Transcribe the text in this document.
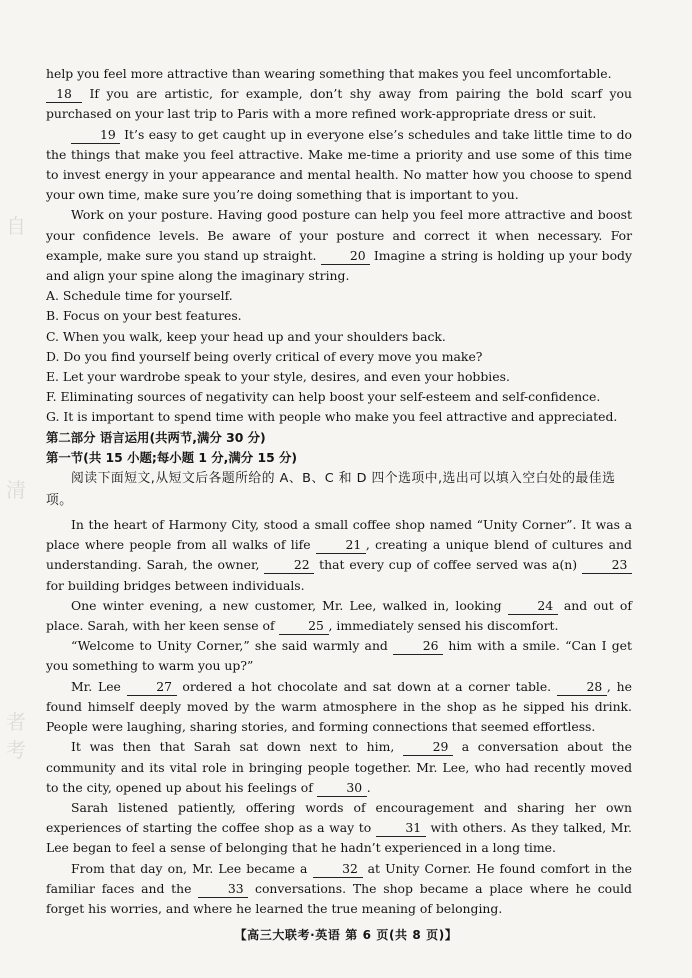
自
清
者
考

help you feel more attractive than wearing something that makes you feel uncomfortable.

18 If you are artistic, for example, don’t shy away from pairing the bold scarf you purchased on your last trip to Paris with a more refined work-appropriate dress or suit.

19 It’s easy to get caught up in everyone else’s schedules and take little time to do the things that make you feel attractive. Make me-time a priority and use some of this time to invest energy in your appearance and mental health. No matter how you choose to spend your own time, make sure you’re doing something that is important to you.

Work on your posture. Having good posture can help you feel more attractive and boost your confidence levels. Be aware of your posture and correct it when necessary. For example, make sure you stand up straight.	20 Imagine a string is holding up your body and align your spine along the imaginary string.

A. Schedule time for yourself.

B. Focus on your best features.

C. When you walk, keep your head up and your shoulders back.

D. Do you find yourself being overly critical of every move you make?

E. Let your wardrobe speak to your style, desires, and even your hobbies.

F. Eliminating sources of negativity can help boost your self-esteem and self-confidence.

G. It is important to spend time with people who make you feel attractive and appreciated.

第二部分 语言运用(共两节,满分 30 分)

第一节(共 15 小题;每小题 1 分,满分 15 分)

阅读下面短文,从短文后各题所给的 A、B、C 和 D 四个选项中,选出可以填入空白处的最佳选项。

In the heart of Harmony City, stood a small coffee shop named “Unity Corner”. It was a place where people from all walks of life	21 , creating a unique blend of cultures and understanding. Sarah, the owner,	22 that every cup of coffee served was a(n)	23 for building bridges between individuals.

One winter evening, a new customer, Mr. Lee, walked in, looking	24 and out of place. Sarah, with her keen sense of	25 , immediately sensed his discomfort.

“Welcome to Unity Corner,” she said warmly and	26 him with a smile. “Can I get you something to warm you up?”

Mr. Lee	27 ordered a hot chocolate and sat down at a corner table.	28 , he found himself deeply moved by the warm atmosphere in the shop as he sipped his drink. People were laughing, sharing stories, and forming connections that seemed effortless.

It was then that Sarah sat down next to him,	29 a conversation about the community and its vital role in bringing people together. Mr. Lee, who had recently moved to the city, opened up about his feelings of	30 .

Sarah listened patiently, offering words of encouragement and sharing her own experiences of starting the coffee shop as a way to	31 with others. As they talked, Mr. Lee began to feel a sense of belonging that he hadn’t experienced in a long time.

From that day on, Mr. Lee became a	32 at Unity Corner. He found comfort in the familiar faces and the	33 conversations. The shop became a place where he could forget his worries, and where he learned the true meaning of belonging.

【高三大联考·英语 第 6 页(共 8 页)】
